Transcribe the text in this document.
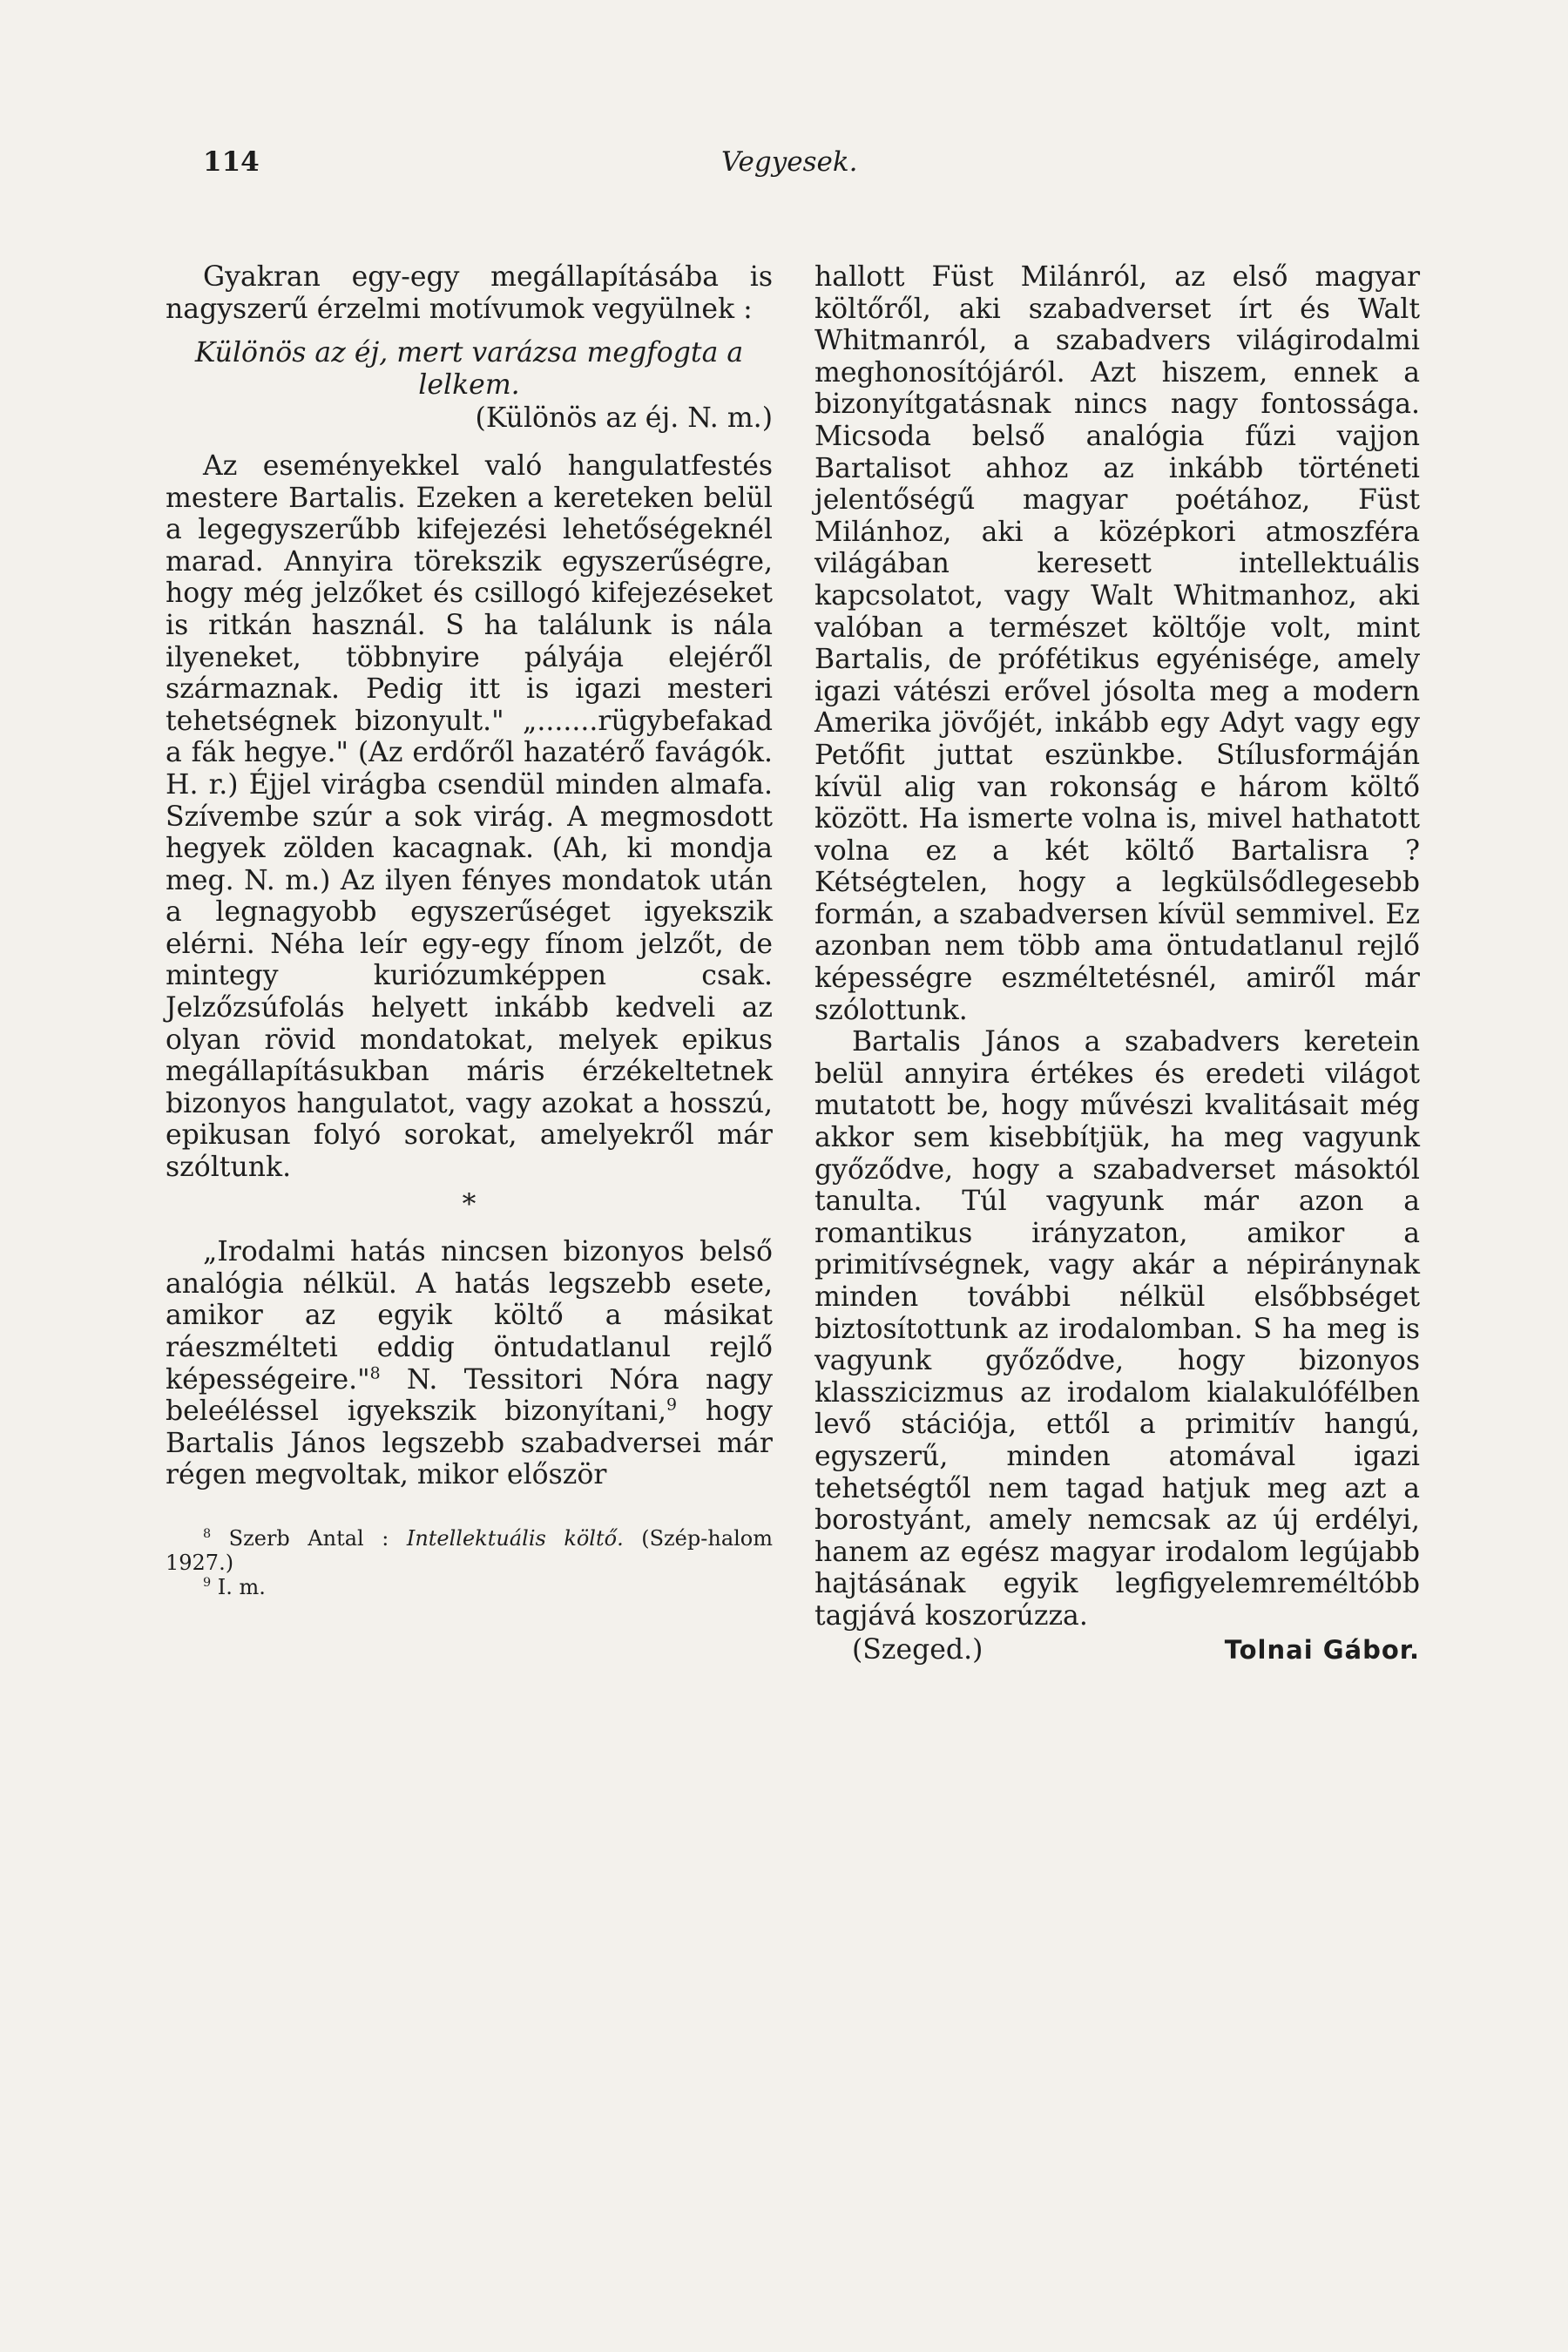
114	Vegyesek.

Gyakran egy-egy megállapításába is nagyszerű érzelmi motívumok vegyülnek :

Különös az éj, mert varázsa megfogta a lelkem.

(Különös az éj. N. m.)

Az eseményekkel való hangulatfestés mestere Bartalis. Ezeken a kereteken belül a legegyszerűbb kifejezési lehetőségeknél marad. Annyira törekszik egyszerűségre, hogy még jelzőket és csillogó kifejezéseket is ritkán használ. S ha találunk is nála ilyeneket, többnyire pályája elejéről származnak. Pedig itt is igazi mesteri tehetségnek bizonyult." „.......rügybefakad a fák hegye." (Az erdőről hazatérő favágók. H. r.) Éjjel virágba csendül minden almafa. Szívembe szúr a sok virág. A megmosdott hegyek zölden kacagnak. (Ah, ki mondja meg. N. m.) Az ilyen fényes mondatok után a legnagyobb egyszerűséget igyekszik elérni. Néha leír egy-egy fínom jelzőt, de mintegy kuriózumképpen csak. Jelzőzsúfolás helyett inkább kedveli az olyan rövid mondatokat, melyek epikus megállapításukban máris érzékeltetnek bizonyos hangulatot, vagy azokat a hosszú, epikusan folyó sorokat, amelyekről már szóltunk.

*

„Irodalmi hatás nincsen bizonyos belső analógia nélkül. A hatás legszebb esete, amikor az egyik költő a másikat ráeszmélteti eddig öntudatlanul rejlő képességeire."$^8$ N. Tessitori Nóra nagy beleéléssel igyekszik bizonyítani,$^9$ hogy Bartalis János legszebb szabadversei már régen megvoltak, mikor először

$^8$ Szerb Antal : Intellektuális költő. (Szép-halom 1927.)

$^9$ I. m.

hallott Füst Milánról, az első magyar költőről, aki szabadverset írt és Walt Whitmanról, a szabadvers világirodalmi meghonosítójáról. Azt hiszem, ennek a bizonyítgatásnak nincs nagy fontossága. Micsoda belső analógia fűzi vajjon Bartalisot ahhoz az inkább történeti jelentőségű magyar poétához, Füst Milánhoz, aki a középkori atmoszféra világában keresett intellektuális kapcsolatot, vagy Walt Whitmanhoz, aki valóban a természet költője volt, mint Bartalis, de prófétikus egyénisége, amely igazi vátészi erővel jósolta meg a modern Amerika jövőjét, inkább egy Adyt vagy egy Petőfit juttat eszünkbe. Stílusformáján kívül alig van rokonság e három költő között. Ha ismerte volna is, mivel hathatott volna ez a két költő Bartalisra ? Kétségtelen, hogy a legkülsődlegesebb formán, a szabadversen kívül semmivel. Ez azonban nem több ama öntudatlanul rejlő képességre eszméltetésnél, amiről már szólottunk.

Bartalis János a szabadvers keretein belül annyira értékes és eredeti világot mutatott be, hogy művészi kvalitásait még akkor sem kisebbítjük, ha meg vagyunk győződve, hogy a szabadverset másoktól tanulta. Túl vagyunk már azon a romantikus irányzaton, amikor a primitívségnek, vagy akár a népiránynak minden további nélkül elsőbbséget biztosítottunk az irodalomban. S ha meg is vagyunk győződve, hogy bizonyos klasszicizmus az irodalom kialakulófélben levő stációja, ettől a primitív hangú, egyszerű, minden atomával igazi tehetségtől nem tagad hatjuk meg azt a borostyánt, amely nemcsak az új erdélyi, hanem az egész magyar irodalom legújabb hajtásának egyik legfigyelemreméltóbb tagjává koszorúzza.

(Szeged.)	Tolnai Gábor.
